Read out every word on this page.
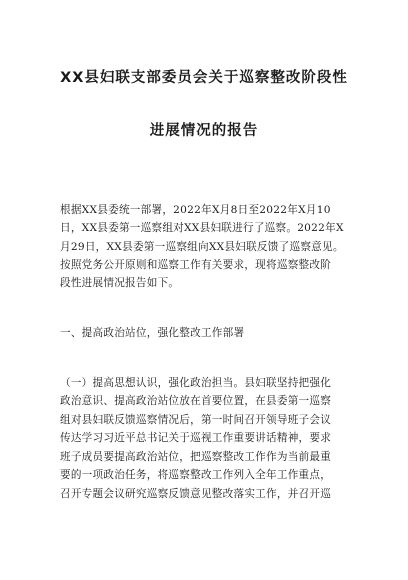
XX县妇联支部委员会关于巡察整改阶段性
进展情况的报告
根据XX县委统一部署，2022年X月8日至2022年X月10
日，XX县委第一巡察组对XX县妇联进行了巡察。2022年X
月29日，XX县委第一巡察组向XX县妇联反馈了巡察意见。
按照党务公开原则和巡察工作有关要求，现将巡察整改阶
段性进展情况报告如下。
一、提高政治站位，强化整改工作部署
（一）提高思想认识，强化政治担当。县妇联坚持把强化
政治意识、提高政治站位放在首要位置，在县委第一巡察
组对县妇联反馈巡察情况后，第一时间召开领导班子会议
传达学习习近平总书记关于巡视工作重要讲话精神，要求
班子成员要提高政治站位，把巡察整改工作作为当前最重
要的一项政治任务，将巡察整改工作列入全年工作重点，
召开专题会议研究巡察反馈意见整改落实工作，并召开巡
